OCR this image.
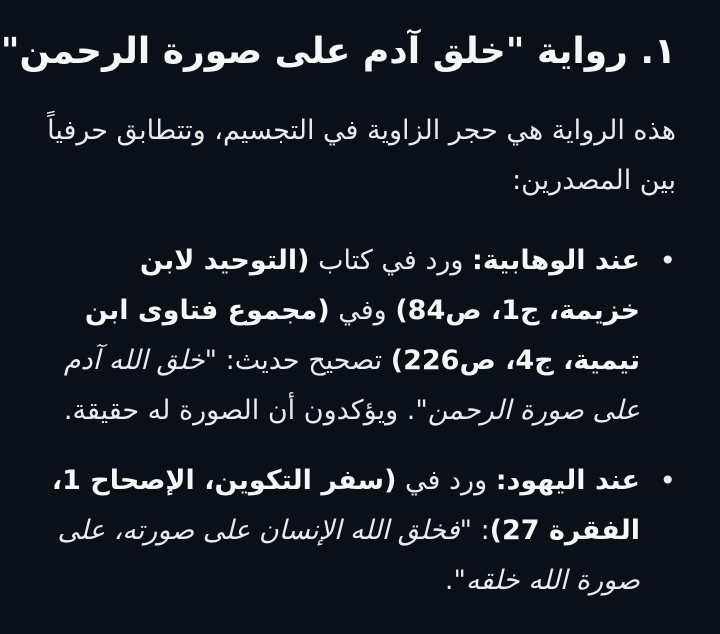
١. رواية "خلق آدم على صورة الرحمن"
هذه الرواية هي حجر الزاوية في التجسيم، وتتطابق حرفياً بين المصدرين:
•
عند الوهابية: ورد في كتاب (التوحيد لابن خزيمة، ج1، ص84) وفي (مجموع فتاوى ابن تيمية، ج4، ص226) تصحيح حديث: "خلق الله آدم على صورة الرحمن". ويؤكدون أن الصورة له حقيقة.
•
عند اليهود: ورد في (سفر التكوين، الإصحاح 1، الفقرة 27): "فخلق الله الإنسان على صورته، على صورة الله خلقه".
